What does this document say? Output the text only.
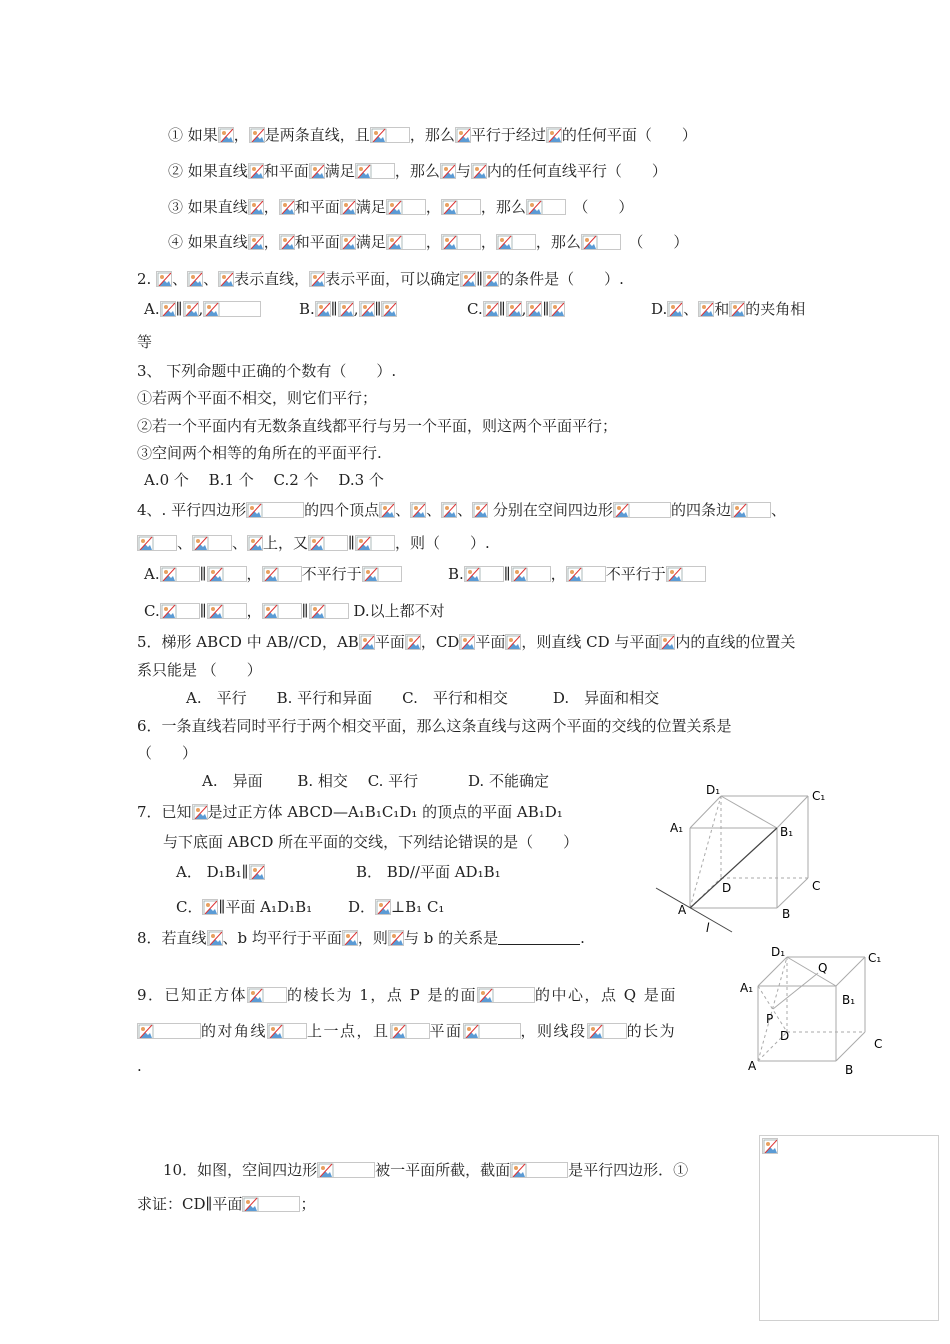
① 如果 ， 是两条直线，且	，那么 平行于经过 的任何平面（　　）
② 如果直线 和平面 满足	，那么 与 内的任何直线平行（　　）
③ 如果直线 ， 和平面 满足	，	，那么	　（　　）
④ 如果直线 ， 和平面 满足	，	，	，那么	　（　　）
2.
、 、 表示直线， 表示平面，可以确定 ∥ 的条件是（　　）.
A. ∥ ,	B. ∥ , ∥	C. ∥ , ∥	D. 、 和 的夹角相
等
3、 下列命题中正确的个数有（　　）.
①若两个平面不相交，则它们平行；
②若一个平面内有无数条直线都平行与另一个平面，则这两个平面平行；
③空间两个相等的角所在的平面平行.
A.0 个　 B.1 个　 C.2 个　 D.3 个
4、. 平行四边形	的四个顶点 、 、 、
分别在空间四边形	的四条边	、
、	、 上，又	∥	，则（　　）.
A.	∥	，	不平行于	B.	∥	，	不平行于
C.	∥	，	∥	D.以上都不对
5．梯形 ABCD 中 AB//CD，AB 平面 ，CD 平面 ，则直线 CD 与平面 内的直线的位置关
系只能是 （　　）
A.　平行　　B. 平行和异面　　C.　平行和相交　　　D.　异面和相交
6．一条直线若同时平行于两个相交平面，那么这条直线与这两个平面的交线的位置关系是
（　　）
A.　异面　　 B. 相交　 C. 平行　　　 D. 不能确定
7．已知 是过正方体 ABCD—A₁B₁C₁D₁ 的顶点的平面 AB₁D₁
与下底面 ABCD 所在平面的交线，下列结论错误的是（　　）
A． D₁B₁∥	B． BD//平面 AD₁B₁
C． ∥平面 A₁D₁B₁ D． ⊥B₁ C₁
D₁	C₁
A₁	B₁
D	C
A	B
l
8．若直线 、b 均平行于平面 ，则 与 b 的关系是	.
D₁
Q
C₁
A₁
B₁
P
D
C
A	B
9．已知正方体	的棱长为 1，点 P 是的面	的中心，点 Q 是面
的对角线	上一点，且	平面	，则线段	的长为
.
10．如图，空间四边形	被一平面所截，截面	是平行四边形．①
求证：CD∥平面	；
